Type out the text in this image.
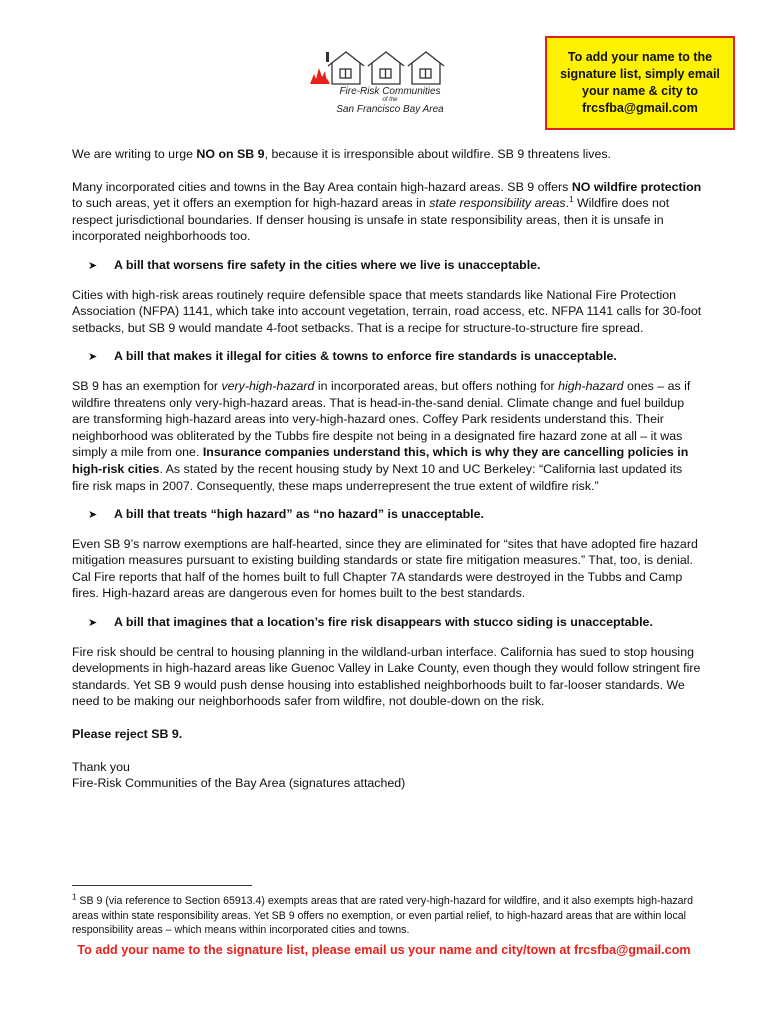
Fire-Risk Communities
of the
San Francisco Bay Area
To add your name to the signature list, simply email your name & city to frcsfba@gmail.com

We are writing to urge NO on SB 9, because it is irresponsible about wildfire. SB 9 threatens lives.

Many incorporated cities and towns in the Bay Area contain high-hazard areas. SB 9 offers NO wildfire protection to such areas, yet it offers an exemption for high-hazard areas in state responsibility areas.$^1$ Wildfire does not respect jurisdictional boundaries. If denser housing is unsafe in state responsibility areas, then it is unsafe in incorporated neighborhoods too.

➤	A bill that worsens fire safety in the cities where we live is unacceptable.

Cities with high-risk areas routinely require defensible space that meets standards like National Fire Protection Association (NFPA) 1141, which take into account vegetation, terrain, road access, etc. NFPA 1141 calls for 30-foot setbacks, but SB 9 would mandate 4-foot setbacks. That is a recipe for structure-to-structure fire spread.

➤	A bill that makes it illegal for cities & towns to enforce fire standards is unacceptable.

SB 9 has an exemption for very-high-hazard in incorporated areas, but offers nothing for high-hazard ones – as if wildfire threatens only very-high-hazard areas. That is head-in-the-sand denial. Climate change and fuel buildup are transforming high-hazard areas into very-high-hazard ones. Coffey Park residents understand this. Their neighborhood was obliterated by the Tubbs fire despite not being in a designated fire hazard zone at all – it was simply a mile from one. Insurance companies understand this, which is why they are cancelling policies in high-risk cities. As stated by the recent housing study by Next 10 and UC Berkeley: “California last updated its fire risk maps in 2007. Consequently, these maps underrepresent the true extent of wildfire risk.”

➤	A bill that treats “high hazard” as “no hazard” is unacceptable.

Even SB 9’s narrow exemptions are half-hearted, since they are eliminated for “sites that have adopted fire hazard mitigation measures pursuant to existing building standards or state fire mitigation measures.” That, too, is denial. Cal Fire reports that half of the homes built to full Chapter 7A standards were destroyed in the Tubbs and Camp fires. High-hazard areas are dangerous even for homes built to the best standards.

➤	A bill that imagines that a location’s fire risk disappears with stucco siding is unacceptable.

Fire risk should be central to housing planning in the wildland-urban interface. California has sued to stop housing developments in high-hazard areas like Guenoc Valley in Lake County, even though they would follow stringent fire standards. Yet SB 9 would push dense housing into established neighborhoods built to far-looser standards. We need to be making our neighborhoods safer from wildfire, not double-down on the risk.

Please reject SB 9.

Thank you

Fire-Risk Communities of the Bay Area (signatures attached)

$^1$ SB 9 (via reference to Section 65913.4) exempts areas that are rated very-high-hazard for wildfire, and it also exempts high-hazard areas within state responsibility areas. Yet SB 9 offers no exemption, or even partial relief, to high-hazard areas that are within local responsibility areas – which means within incorporated cities and towns.
To add your name to the signature list, please email us your name and city/town at frcsfba@gmail.com
